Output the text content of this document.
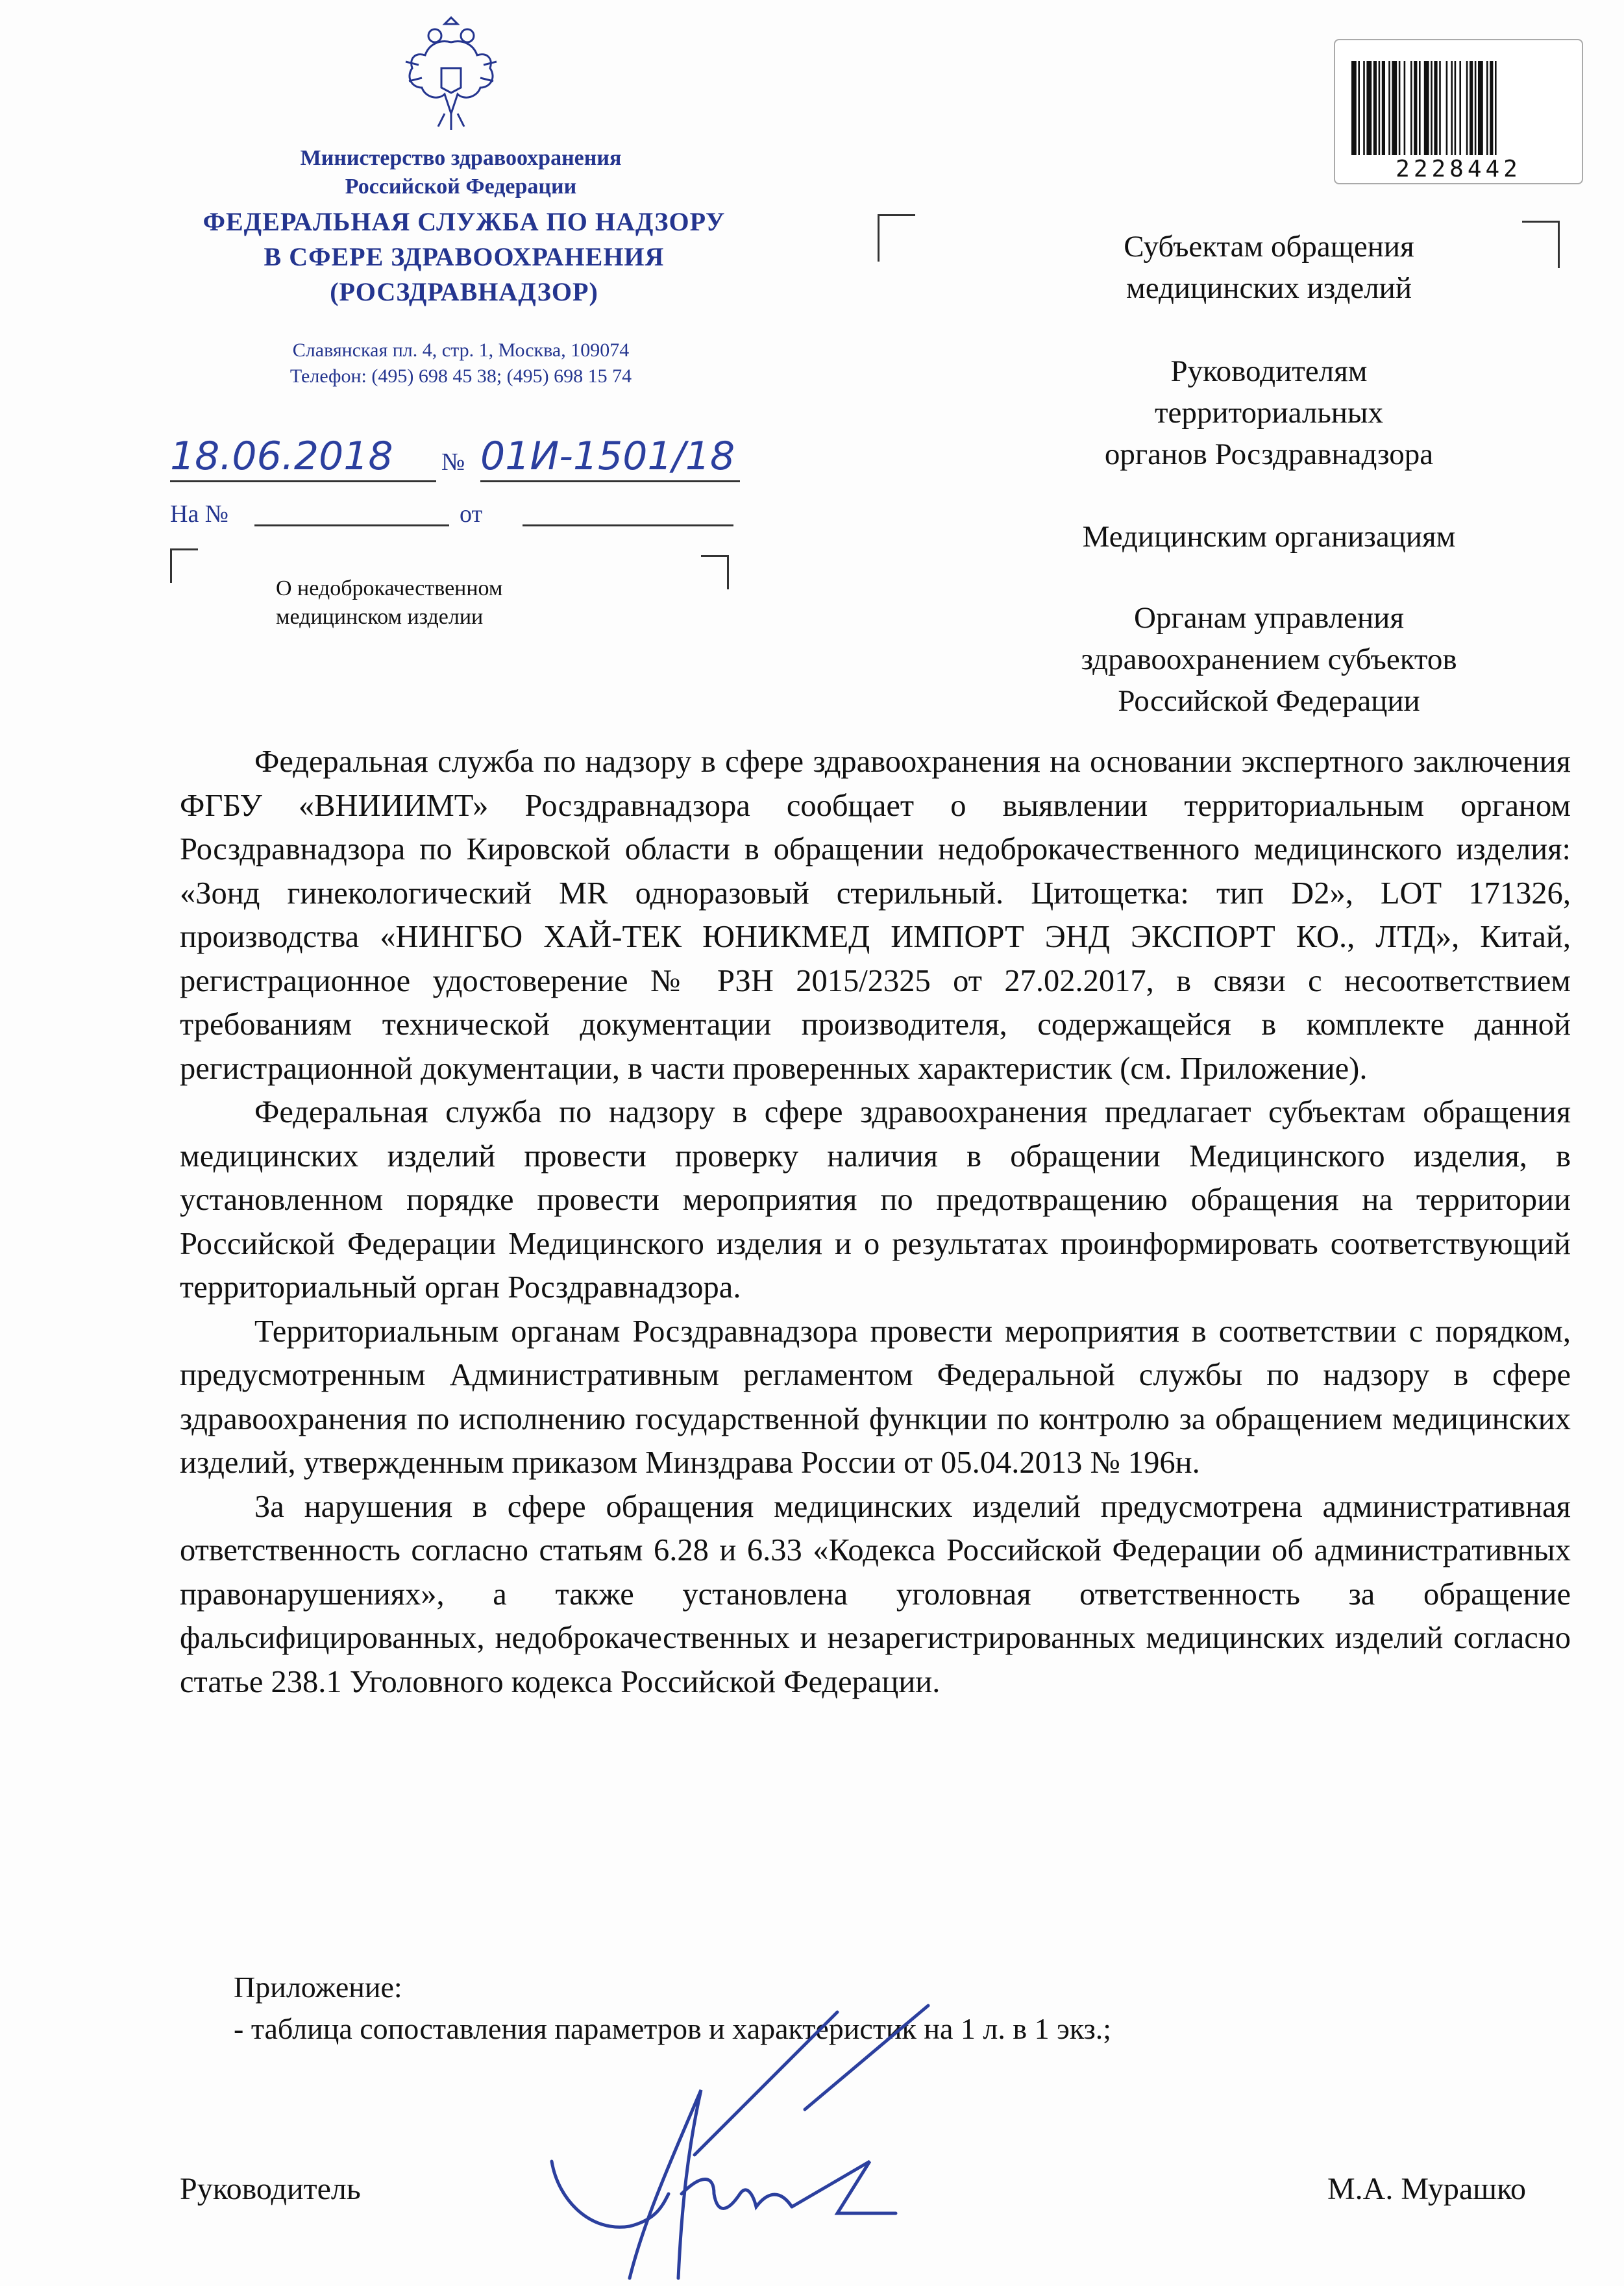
Министерство здравоохранения
Российской Федерации
ФЕДЕРАЛЬНАЯ СЛУЖБА ПО НАДЗОРУ
В СФЕРЕ ЗДРАВООХРАНЕНИЯ
(РОСЗДРАВНАДЗОР)
Славянская пл. 4, стр. 1, Москва, 109074
Телефон: (495) 698 45 38; (495) 698 15 74
18.06.2018 № 01И-1501/18
На №	от
О недоброкачественном
медицинском изделии
2228442
Субъектам обращения
медицинских изделий
Руководителям
территориальных
органов Росздравнадзора
Медицинским организациям
Органам управления
здравоохранением субъектов
Российской Федерации

Федеральная служба по надзору в сфере здравоохранения на основании экспертного заключения ФГБУ «ВНИИИМТ» Росздравнадзора сообщает о выявлении территориальным органом Росздравнадзора по Кировской области в обращении недоброкачественного медицинского изделия: «Зонд гинекологический MR одноразовый стерильный. Цитощетка: тип D2», LOT 171326, производства «НИНГБО ХАЙ-ТЕК ЮНИКМЕД ИМПОРТ ЭНД ЭКСПОРТ КО., ЛТД», Китай, регистрационное удостоверение № РЗН 2015/2325 от 27.02.2017, в связи с несоответствием требованиям технической документации производителя, содержащейся в комплекте данной регистрационной документации, в части проверенных характеристик (см. Приложение).

Федеральная служба по надзору в сфере здравоохранения предлагает субъектам обращения медицинских изделий провести проверку наличия в обращении Медицинского изделия, в установленном порядке провести мероприятия по предотвращению обращения на территории Российской Федерации Медицинского изделия и о результатах проинформировать соответствующий территориальный орган Росздравнадзора.

Территориальным органам Росздравнадзора провести мероприятия в соответствии с порядком, предусмотренным Административным регламентом Федеральной службы по надзору в сфере здравоохранения по исполнению государственной функции по контролю за обращением медицинских изделий, утвержденным приказом Минздрава России от 05.04.2013 № 196н.

За нарушения в сфере обращения медицинских изделий предусмотрена административная ответственность согласно статьям 6.28 и 6.33 «Кодекса Российской Федерации об административных правонарушениях», а также установлена уголовная ответственность за обращение фальсифицированных, недоброкачественных и незарегистрированных медицинских изделий согласно статье 238.1 Уголовного кодекса Российской Федерации.

Приложение:
- таблица сопоставления параметров и характеристик на 1 л. в 1 экз.;
Руководитель	М.А. Мурашко
